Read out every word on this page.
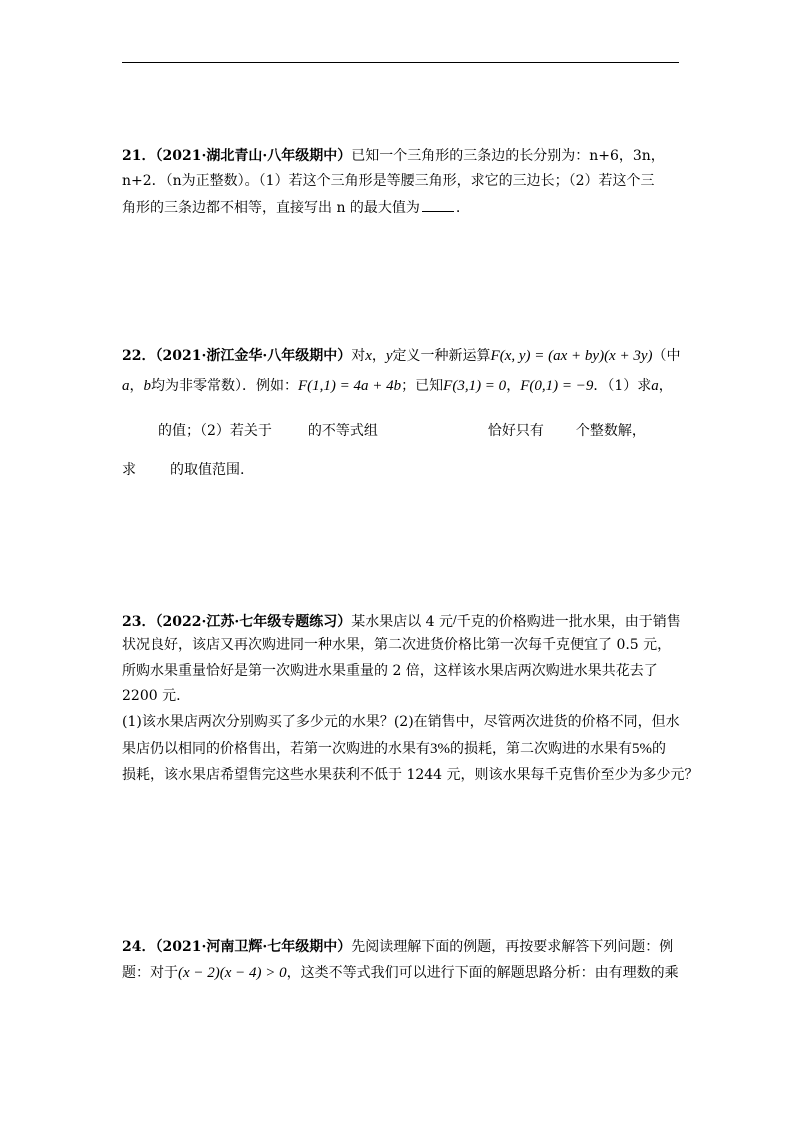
21．（2021·湖北青山·八年级期中）已知一个三角形的三条边的长分别为：n+6，3n，
n+2．（n为正整数）。（1）若这个三角形是等腰三角形，求它的三边长；（2）若这个三
角形的三条边都不相等，直接写出 n 的最大值为	.
22．（2021·浙江金华·八年级期中）对x，y定义一种新运算F(x, y) = (ax + by)(x + 3y)（中
a，b均为非零常数）．例如：F(1,1) = 4a + 4b；已知F(3,1) = 0，F(0,1) = −9．（1）求a，
的值；（2）若关于	的不等式组	恰好只有 个整数解，
求 的取值范围.
23．（2022·江苏·七年级专题练习）某水果店以 4 元/千克的价格购进一批水果，由于销售
状况良好，该店又再次购进同一种水果，第二次进货价格比第一次每千克便宜了 0.5 元，
所购水果重量恰好是第一次购进水果重量的 2 倍，这样该水果店两次购进水果共花去了
2200 元.
(1)该水果店两次分别购买了多少元的水果？(2)在销售中，尽管两次进货的价格不同，但水
果店仍以相同的价格售出，若第一次购进的水果有3%的损耗，第二次购进的水果有5%的
损耗，该水果店希望售完这些水果获利不低于 1244 元，则该水果每千克售价至少为多少元？
24．（2021·河南卫辉·七年级期中）先阅读理解下面的例题，再按要求解答下列问题：例
题：对于(x − 2)(x − 4) > 0，这类不等式我们可以进行下面的解题思路分析：由有理数的乘
